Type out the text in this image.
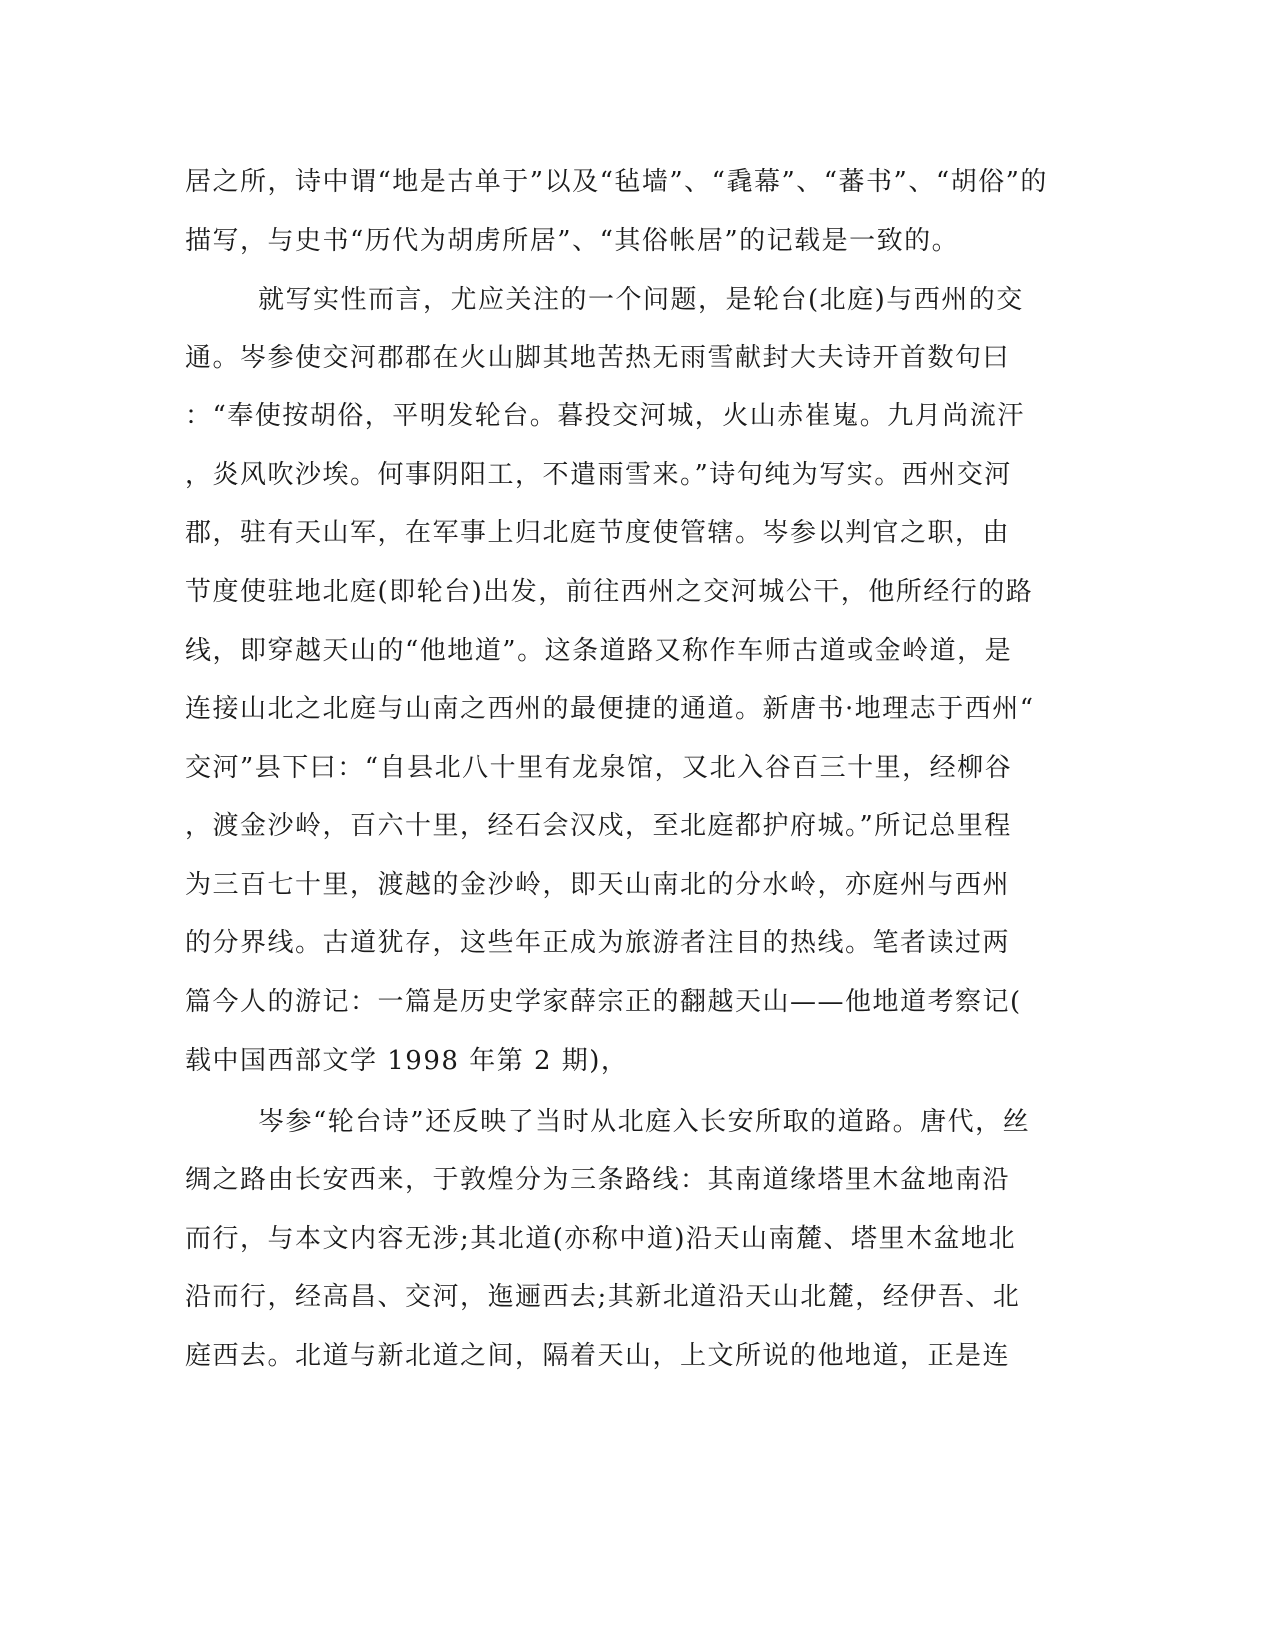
居之所，诗中谓“地是古单于”以及“毡墙”、“毳幕”、“蕃书”、“胡俗”的
描写，与史书“历代为胡虏所居”、“其俗帐居”的记载是一致的。
就写实性而言，尤应关注的一个问题，是轮台(北庭)与西州的交
通。岑参使交河郡郡在火山脚其地苦热无雨雪献封大夫诗开首数句曰
：“奉使按胡俗，平明发轮台。暮投交河城，火山赤崔嵬。九月尚流汗
，炎风吹沙埃。何事阴阳工，不遣雨雪来。”诗句纯为写实。西州交河
郡，驻有天山军，在军事上归北庭节度使管辖。岑参以判官之职，由
节度使驻地北庭(即轮台)出发，前往西州之交河城公干，他所经行的路
线，即穿越天山的“他地道”。这条道路又称作车师古道或金岭道，是
连接山北之北庭与山南之西州的最便捷的通道。新唐书·地理志于西州“
交河”县下曰：“自县北八十里有龙泉馆，又北入谷百三十里，经柳谷
，渡金沙岭，百六十里，经石会汉戍，至北庭都护府城。”所记总里程
为三百七十里，渡越的金沙岭，即天山南北的分水岭，亦庭州与西州
的分界线。古道犹存，这些年正成为旅游者注目的热线。笔者读过两
篇今人的游记：一篇是历史学家薛宗正的翻越天山——他地道考察记(
载中国西部文学 1998 年第 2 期)，
岑参“轮台诗”还反映了当时从北庭入长安所取的道路。唐代，丝
绸之路由长安西来，于敦煌分为三条路线：其南道缘塔里木盆地南沿
而行，与本文内容无涉;其北道(亦称中道)沿天山南麓、塔里木盆地北
沿而行，经高昌、交河，迤逦西去;其新北道沿天山北麓，经伊吾、北
庭西去。北道与新北道之间，隔着天山，上文所说的他地道，正是连
